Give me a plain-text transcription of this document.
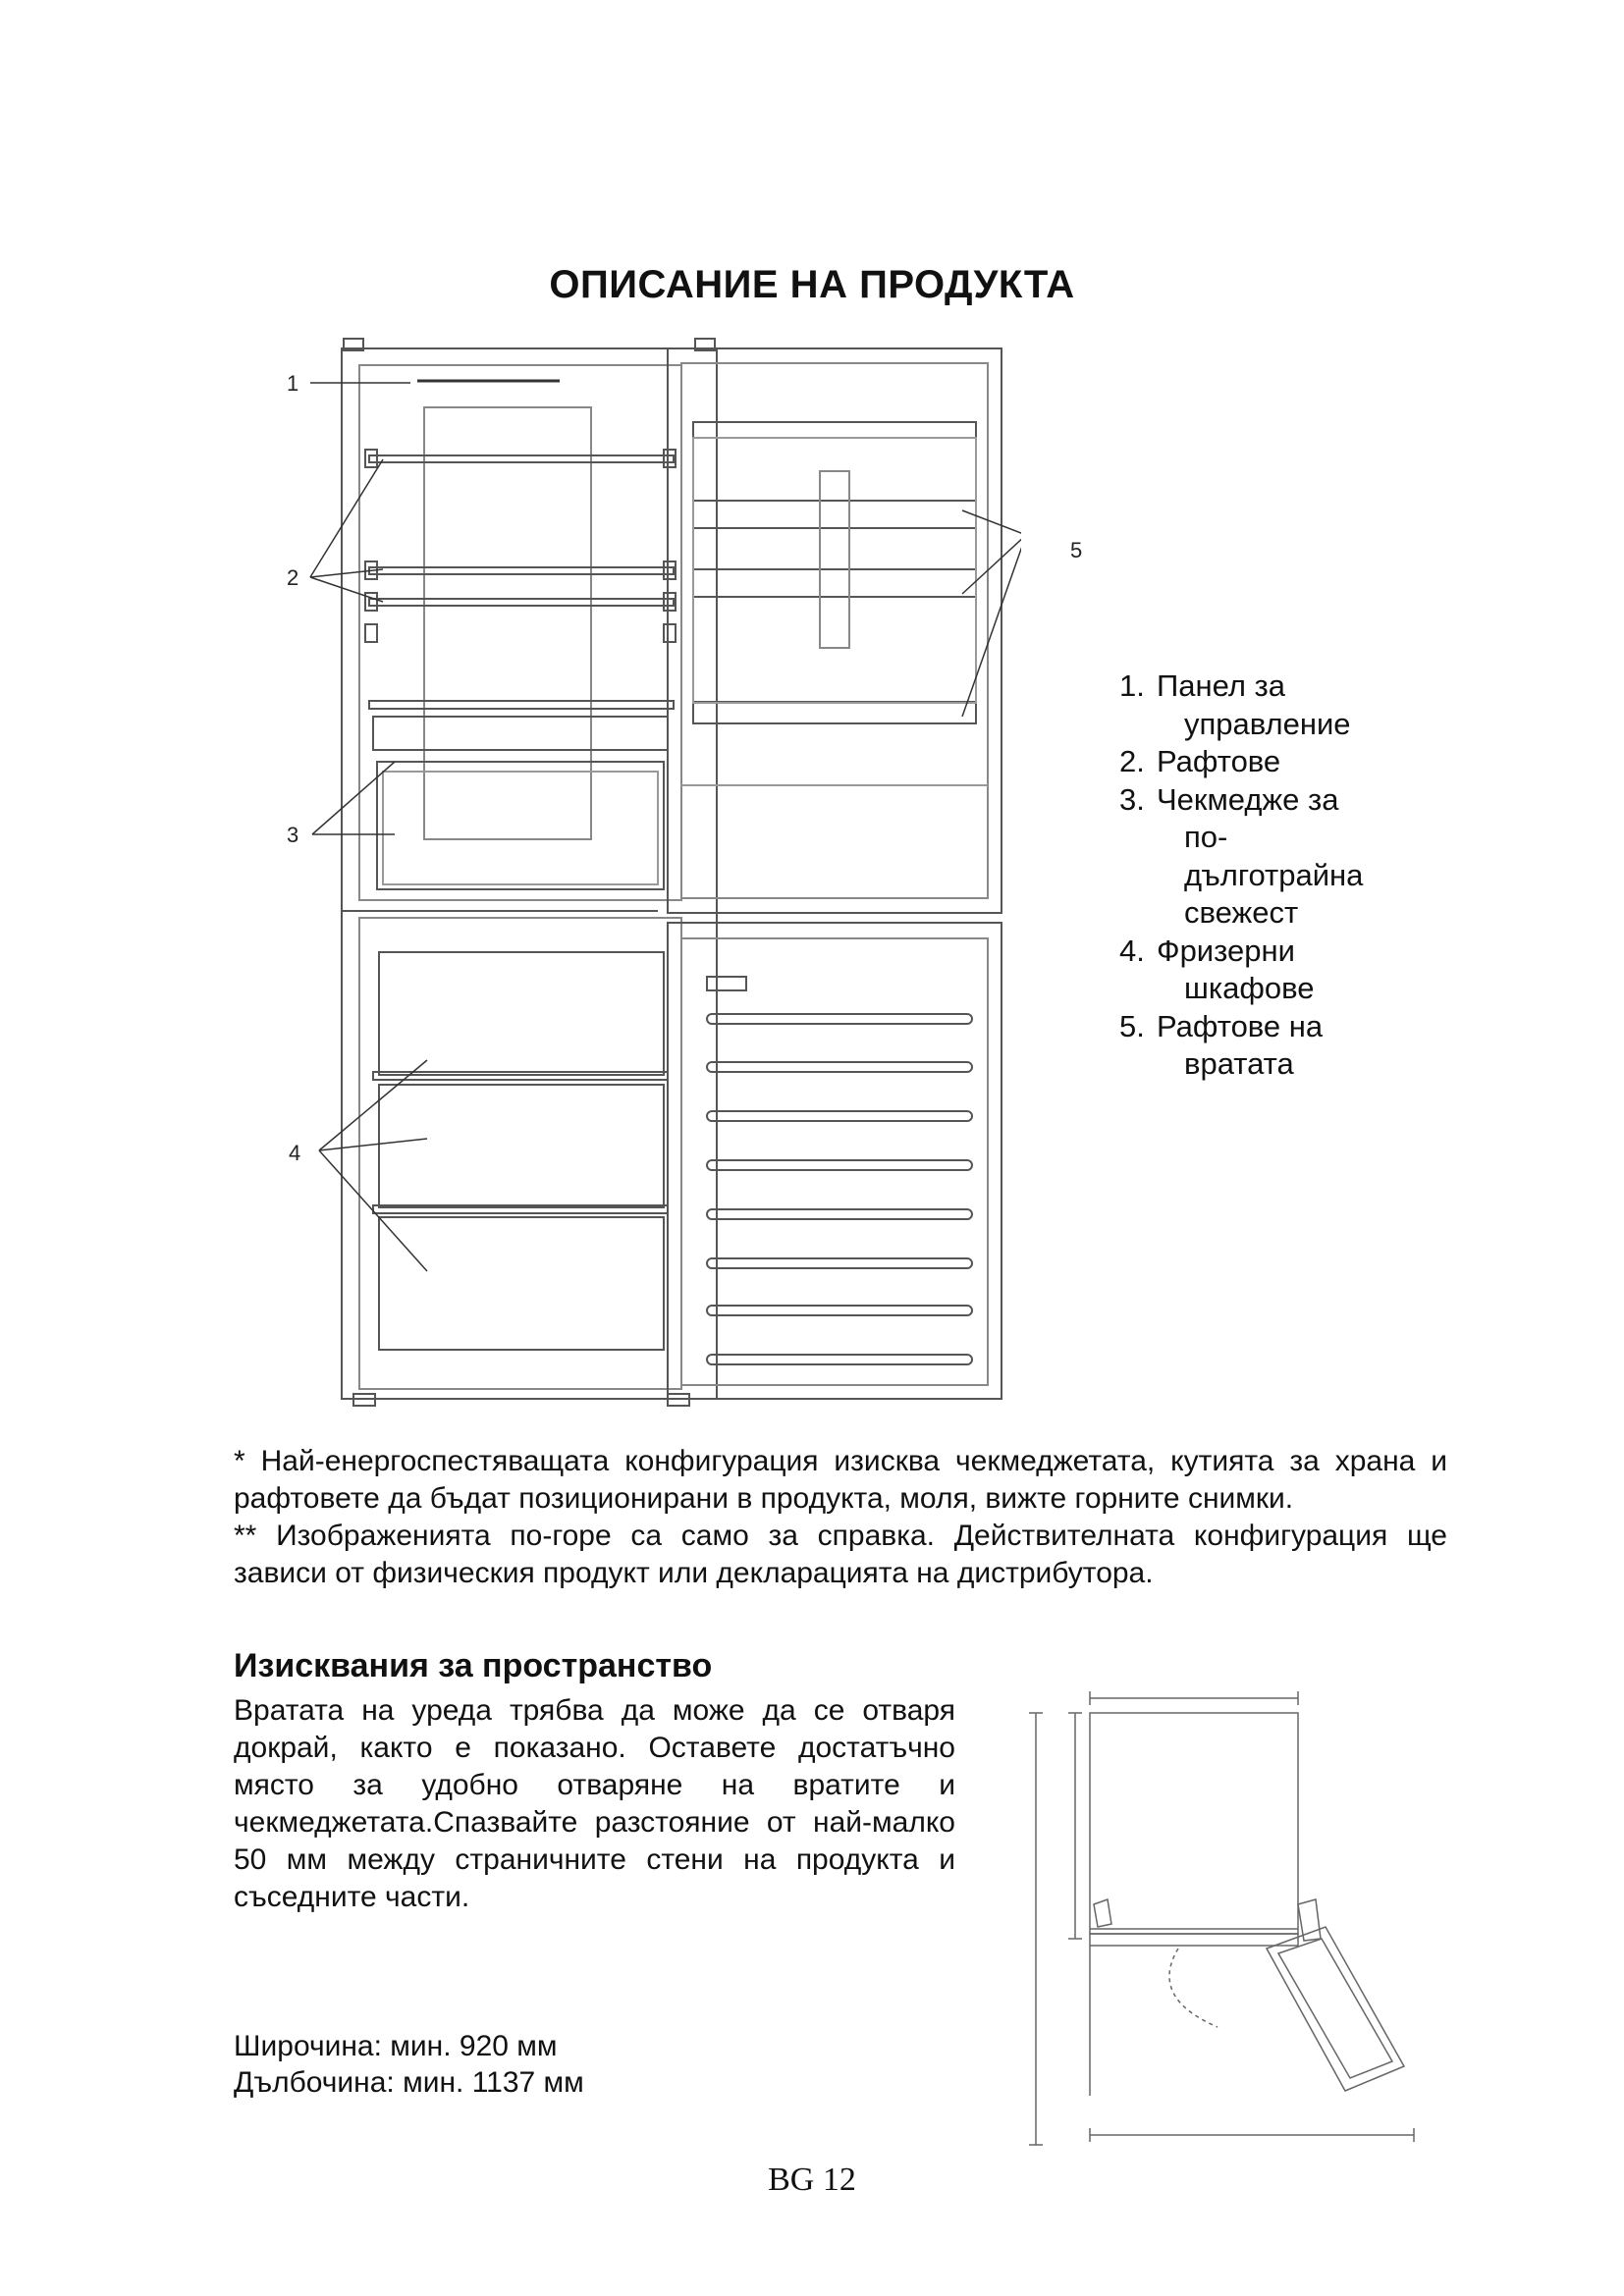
ОПИСАНИЕ НА ПРОДУКТА
1
2
3
4
5
1. Панел за
управление
2. Рафтове
3. Чекмедже за
по-
дълготрайна
свежест
4. Фризерни
шкафове
5. Рафтове на
вратата

* Най-енергоспестяващата конфигурация изисква чекмеджетата, кутията за храна и рафтовете да бъдат позиционирани в продукта, моля, вижте горните снимки.

** Изображенията по-горе са само за справка. Действителната конфигурация ще зависи от физическия продукт или декларацията на дистрибутора.

Изисквания за пространство
Вратата на уреда трябва да може да се отваря докрай, както е показано. Оставете достатъчно място за удобно отваряне на вратите и чекмеджетата.Спазвайте разстояние от най-малко 50 мм между страничните стени на продукта и съседните части.
Широчина: мин. 920 мм
Дълбочина: мин. 1137 мм
BG 12
